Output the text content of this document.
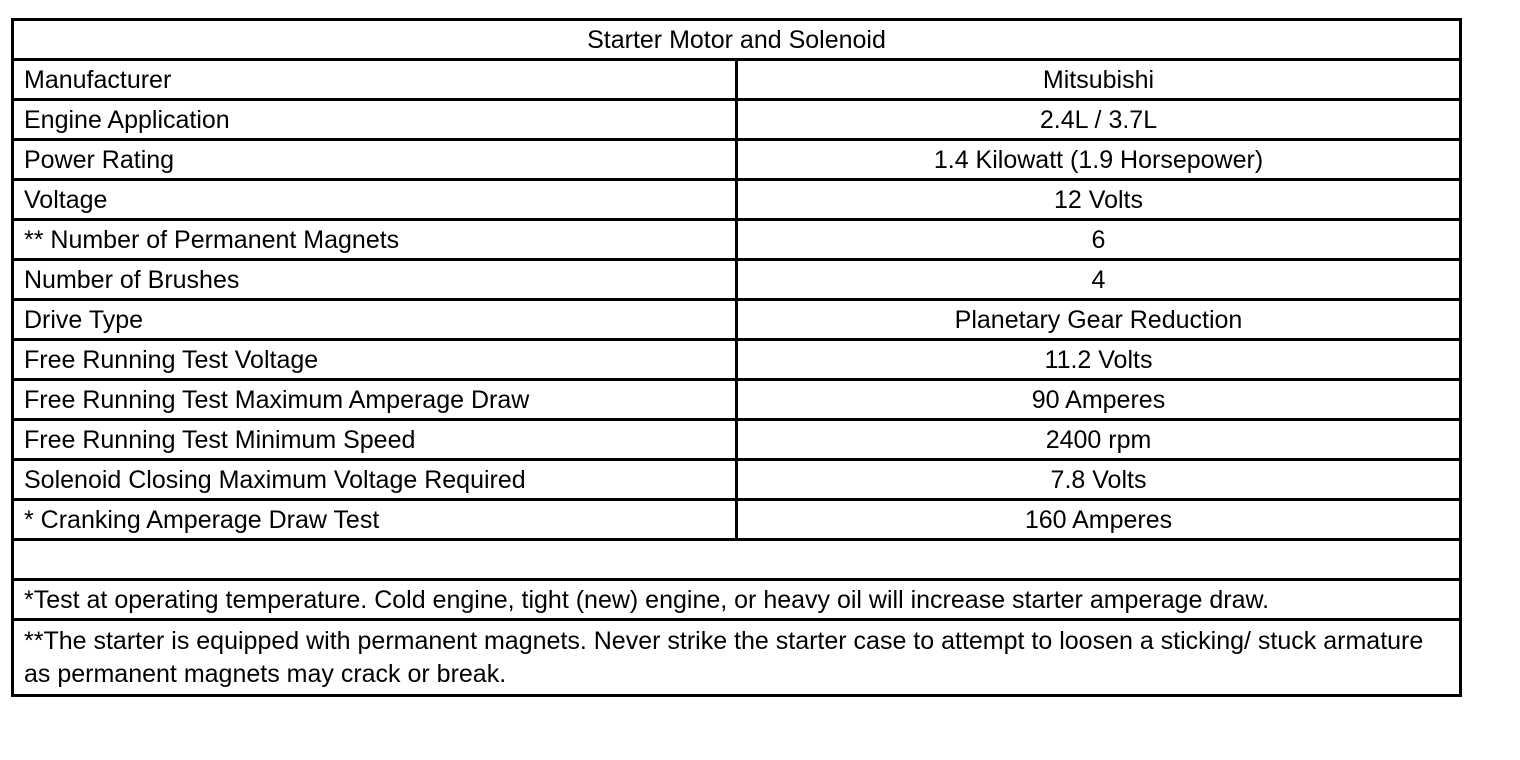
Starter Motor and Solenoid	
Manufacturer	Mitsubishi
Engine Application	2.4L / 3.7L
Power Rating	1.4 Kilowatt (1.9 Horsepower)
Voltage	12 Volts
** Number of Permanent Magnets	6
Number of Brushes	4
Drive Type	Planetary Gear Reduction
Free Running Test Voltage	11.2 Volts
Free Running Test Maximum Amperage Draw	90 Amperes
Free Running Test Minimum Speed	2400 rpm
Solenoid Closing Maximum Voltage Required	7.8 Volts
* Cranking Amperage Draw Test	160 Amperes

*Test at operating temperature. Cold engine, tight (new) engine, or heavy oil will increase starter amperage draw.	
**The starter is equipped with permanent magnets. Never strike the starter case to attempt to loosen a sticking/ stuck armature as permanent magnets may crack or break.	
